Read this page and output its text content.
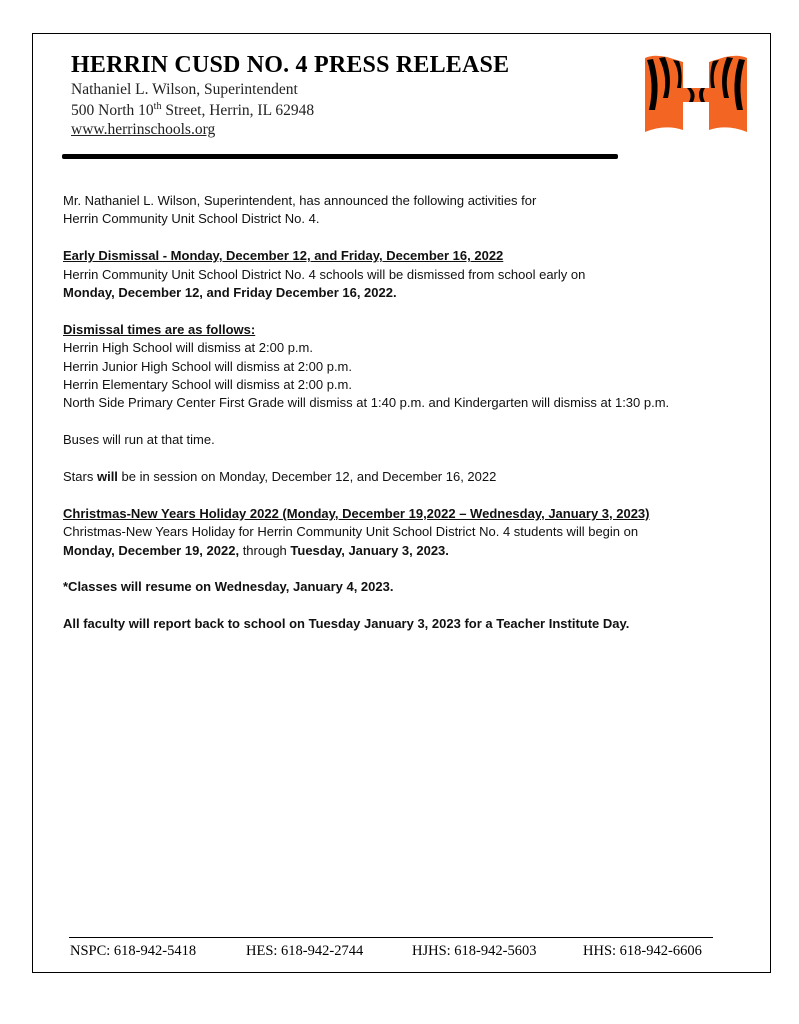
HERRIN CUSD NO. 4 PRESS RELEASE
Nathaniel L. Wilson, Superintendent
500 North 10th Street, Herrin, IL 62948
www.herrinschools.org

Mr. Nathaniel L. Wilson, Superintendent, has announced the following activities for

Herrin Community Unit School District No. 4.

Early Dismissal - Monday, December 12, and Friday, December 16, 2022

Herrin Community Unit School District No. 4 schools will be dismissed from school early on

Monday, December 12, and Friday December 16, 2022.

Dismissal times are as follows:

Herrin High School will dismiss at 2:00 p.m.

Herrin Junior High School will dismiss at 2:00 p.m.

Herrin Elementary School will dismiss at 2:00 p.m.

North Side Primary Center First Grade will dismiss at 1:40 p.m. and Kindergarten will dismiss at 1:30 p.m.

Buses will run at that time.

Stars will be in session on Monday, December 12, and December 16, 2022

Christmas-New Years Holiday 2022 (Monday, December 19,2022 – Wednesday, January 3, 2023)

Christmas-New Years Holiday for Herrin Community Unit School District No. 4 students will begin on

Monday, December 19, 2022, through Tuesday, January 3, 2023.

*Classes will resume on Wednesday, January 4, 2023.

All faculty will report back to school on Tuesday January 3, 2023 for a Teacher Institute Day.

NSPC: 618-942-5418	HES: 618-942-2744	HJHS: 618-942-5603	HHS: 618-942-6606
